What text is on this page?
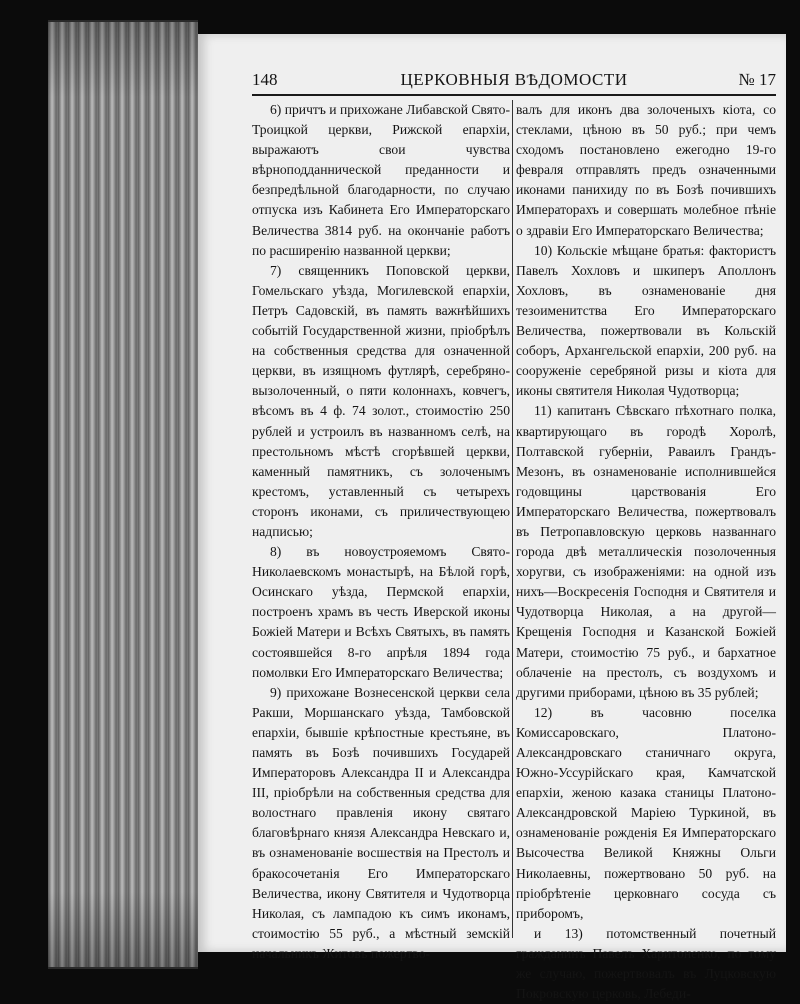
148	ЦЕРКОВНЫЯ ВѢДОМОСТИ	№ 17

6) причтъ и прихожане Либавской Свято-Троицкой церкви, Рижской епархіи, выражаютъ свои чувства вѣрноподданнической преданности и безпредѣльной благодарности, по случаю отпуска изъ Кабинета Его Императорскаго Величества 3814 руб. на окончаніе работъ по расширенію названной церкви;

7) священникъ Поповской церкви, Гомельскаго уѣзда, Могилевской епархіи, Петръ Садовскій, въ память важнѣйшихъ событій Государственной жизни, пріобрѣлъ на собственныя средства для означенной церкви, въ изящномъ футлярѣ, серебряно-вызолоченный, о пяти колоннахъ, ковчегъ, вѣсомъ въ 4 ф. 74 золот., стоимостію 250 рублей и устроилъ въ названномъ селѣ, на престольномъ мѣстѣ сгорѣвшей церкви, каменный памятникъ, съ золоченымъ крестомъ, уставленный съ четырехъ сторонъ иконами, съ приличествующею надписью;

8) въ новоустрояемомъ Свято-Николаевскомъ монастырѣ, на Бѣлой горѣ, Осинскаго уѣзда, Пермской епархіи, построенъ храмъ въ честь Иверской иконы Божіей Матери и Всѣхъ Святыхъ, въ память состоявшейся 8-го апрѣля 1894 года помолвки Его Императорскаго Величества;

9) прихожане Вознесенской церкви села Ракши, Моршанскаго уѣзда, Тамбовской епархіи, бывшіе крѣпостные крестьяне, въ память въ Бозѣ почившихъ Государей Императоровъ Александра II и Александра III, пріобрѣли на собственныя средства для волостнаго правленія икону святаго благовѣрнаго князя Александра Невскаго и, въ ознаменованіе восшествія на Престолъ и бракосочетанія Его Императорскаго Величества, икону Святителя и Чудотворца Николая, съ лампадою къ симъ иконамъ, стоимостію 55 руб., а мѣстный земскій начальникъ Житовъ пожертво-

валъ для иконъ два золоченыхъ кіота, со стеклами, цѣною въ 50 руб.; при чемъ сходомъ постановлено ежегодно 19-го февраля отправлять предъ означенными иконами панихиду по въ Бозѣ почившихъ Императорахъ и совершать молебное пѣніе о здравіи Его Императорскаго Величества;

10) Кольскіе мѣщане братья: фактористъ Павелъ Хохловъ и шкиперъ Аполлонъ Хохловъ, въ ознаменованіе дня тезоименитства Его Императорскаго Величества, пожертвовали въ Кольскій соборъ, Архангельской епархіи, 200 руб. на сооруженіе серебряной ризы и кіота для иконы святителя Николая Чудотворца;

11) капитанъ Сѣвскаго пѣхотнаго полка, квартирующаго въ городѣ Хоролѣ, Полтавской губерніи, Раваилъ Грандъ-Мезонъ, въ ознаменованіе исполнившейся годовщины царствованія Его Императорскаго Величества, пожертвовалъ въ Петропавловскую церковь названнаго города двѣ металлическія позолоченныя хоругви, съ изображеніями: на одной изъ нихъ—Воскресенія Господня и Святителя и Чудотворца Николая, а на другой—Крещенія Господня и Казанской Божіей Матери, стоимостію 75 руб., и бархатное облаченіе на престолъ, съ воздухомъ и другими приборами, цѣною въ 35 рублей;

12) въ часовню поселка Комиссаровскаго, Платоно-Александровскаго станичнаго округа, Южно-Уссурійскаго края, Камчатской епархіи, женою казака станицы Платоно-Александровской Маріею Туркиной, въ ознаменованіе рожденія Ея Императорскаго Высочества Великой Княжны Ольги Николаевны, пожертвовано 50 руб. на пріобрѣтеніе церковнаго сосуда съ приборомъ,

и 13) потомственный почетный гражданинъ Павелъ Харитоненко, по тому же случаю, пожертвовалъ въ Луцковскую Покровскую церковь, Лебеди-
